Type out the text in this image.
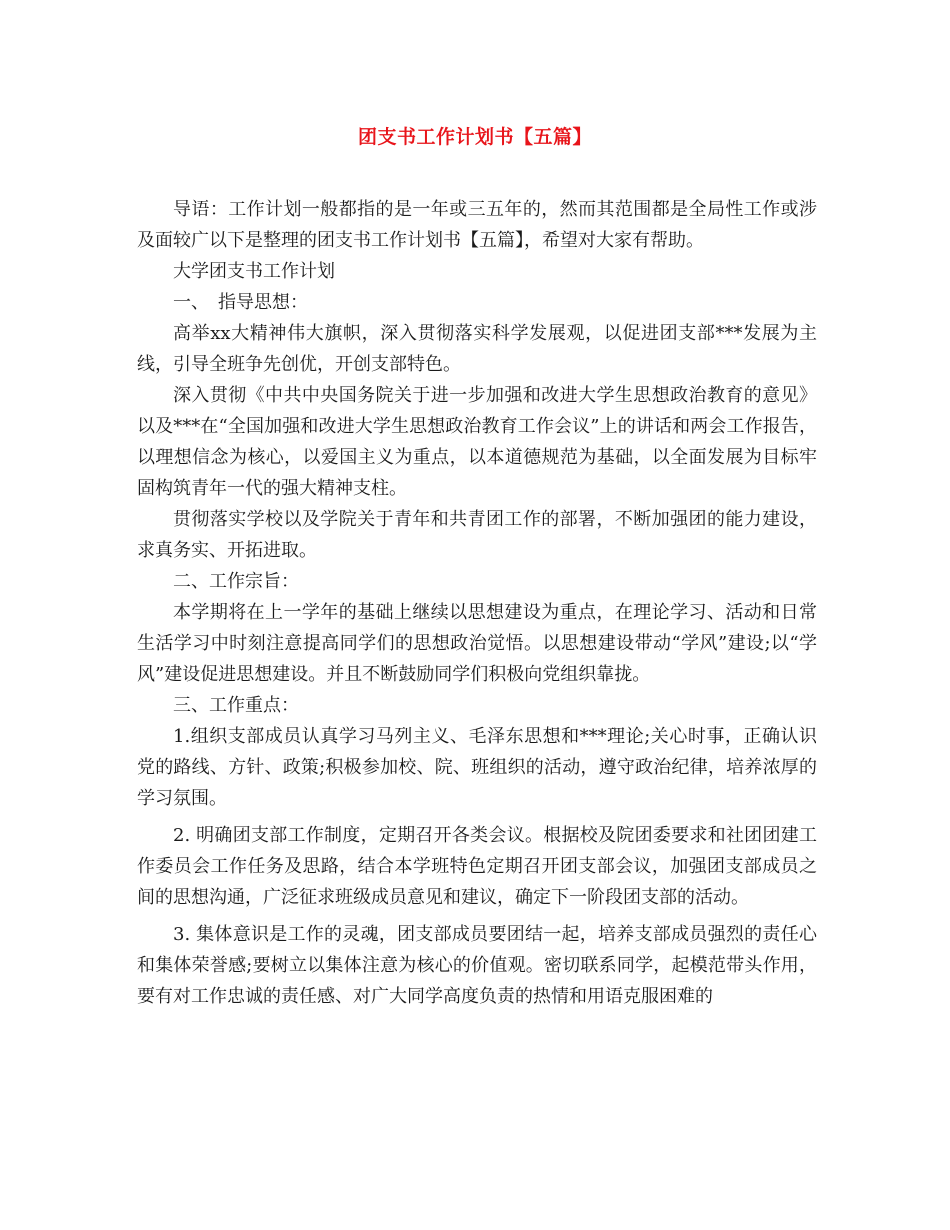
团支书工作计划书【五篇】

导语：工作计划一般都指的是一年或三五年的，然而其范围都是全局性工作或涉及面较广以下是整理的团支书工作计划书【五篇】，希望对大家有帮助。

大学团支书工作计划

一、　指导思想：

高举xx大精神伟大旗帜，深入贯彻落实科学发展观，以促进团支部***发展为主线，引导全班争先创优，开创支部特色。

深入贯彻《中共中央国务院关于进一步加强和改进大学生思想政治教育的意见》以及***在“全国加强和改进大学生思想政治教育工作会议”上的讲话和两会工作报告，以理想信念为核心，以爱国主义为重点，以本道德规范为基础，以全面发展为目标牢固构筑青年一代的强大精神支柱。

贯彻落实学校以及学院关于青年和共青团工作的部署，不断加强团的能力建设，求真务实、开拓进取。

二、工作宗旨：

本学期将在上一学年的基础上继续以思想建设为重点，在理论学习、活动和日常生活学习中时刻注意提高同学们的思想政治觉悟。以思想建设带动“学风”建设;以“学风”建设促进思想建设。并且不断鼓励同学们积极向党组织靠拢。

三、工作重点：

1.组织支部成员认真学习马列主义、毛泽东思想和***理论;关心时事，正确认识党的路线、方针、政策;积极参加校、院、班组织的活动，遵守政治纪律，培养浓厚的学习氛围。

2. 明确团支部工作制度，定期召开各类会议。根据校及院团委要求和社团团建工作委员会工作任务及思路，结合本学班特色定期召开团支部会议，加强团支部成员之间的思想沟通，广泛征求班级成员意见和建议，确定下一阶段团支部的活动。

3. 集体意识是工作的灵魂，团支部成员要团结一起，培养支部成员强烈的责任心和集体荣誉感;要树立以集体注意为核心的价值观。密切联系同学，起模范带头作用，要有对工作忠诚的责任感、对广大同学高度负责的热情和用语克服困难的
